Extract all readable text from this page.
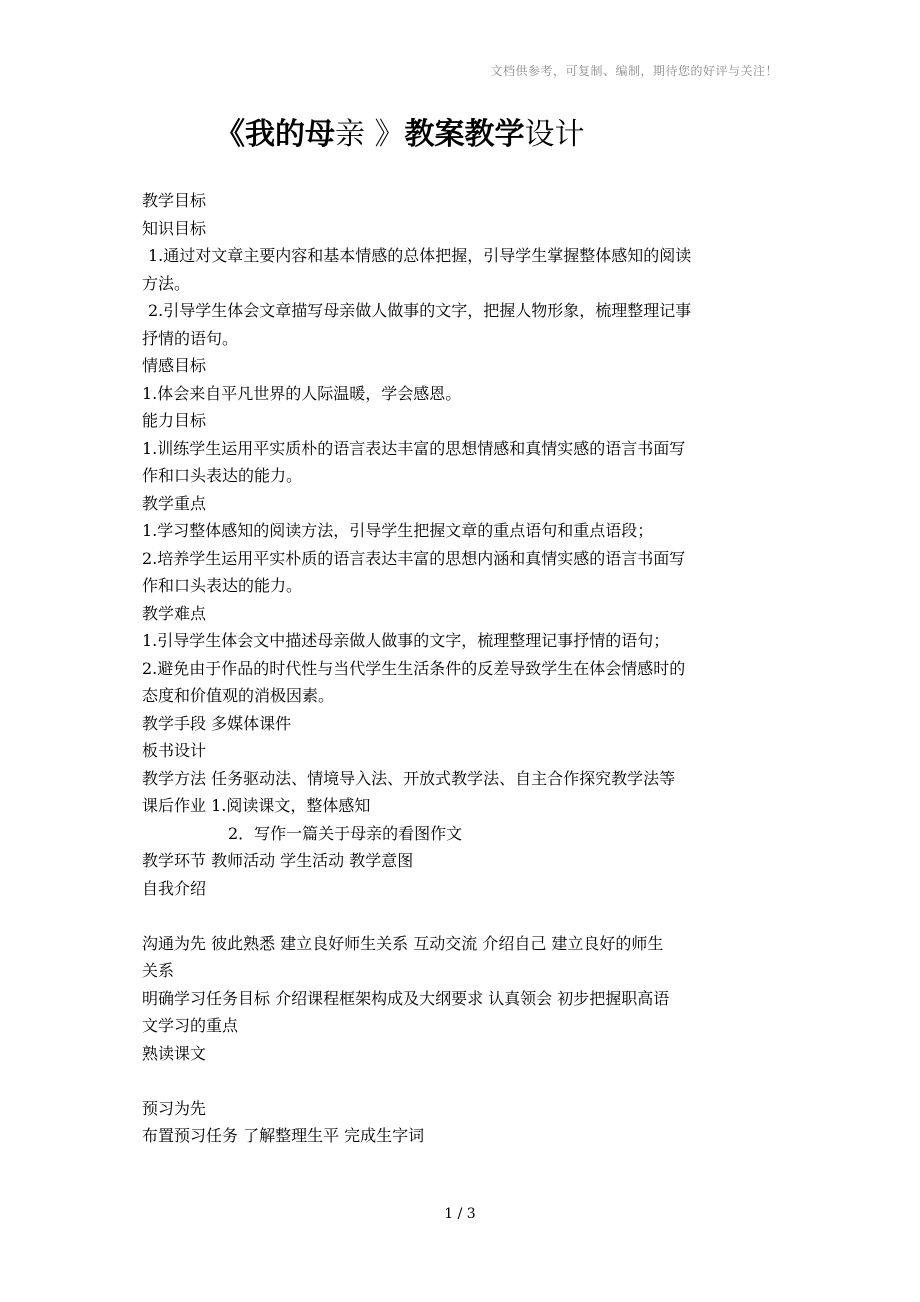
文档供参考，可复制、编制，期待您的好评与关注！
《我的母亲 》教案教学设计
教学目标
知识目标
1.通过对文章主要内容和基本情感的总体把握，引导学生掌握整体感知的阅读
方法。
2.引导学生体会文章描写母亲做人做事的文字，把握人物形象，梳理整理记事
抒情的语句。
情感目标
1.体会来自平凡世界的人际温暖，学会感恩。
能力目标
1.训练学生运用平实质朴的语言表达丰富的思想情感和真情实感的语言书面写
作和口头表达的能力。
教学重点
1.学习整体感知的阅读方法，引导学生把握文章的重点语句和重点语段；
2.培养学生运用平实朴质的语言表达丰富的思想内涵和真情实感的语言书面写
作和口头表达的能力。
教学难点
1.引导学生体会文中描述母亲做人做事的文字，梳理整理记事抒情的语句；
2.避免由于作品的时代性与当代学生生活条件的反差导致学生在体会情感时的
态度和价值观的消极因素。
教学手段 多媒体课件
板书设计
教学方法 任务驱动法、情境导入法、开放式教学法、自主合作探究教学法等
课后作业 1.阅读课文，整体感知
2．写作一篇关于母亲的看图作文
教学环节 教师活动 学生活动 教学意图
自我介绍
沟通为先 彼此熟悉 建立良好师生关系 互动交流 介绍自己 建立良好的师生
关系
明确学习任务目标 介绍课程框架构成及大纲要求 认真领会 初步把握职高语
文学习的重点
熟读课文
预习为先
布置预习任务 了解整理生平 完成生字词
1 / 3
